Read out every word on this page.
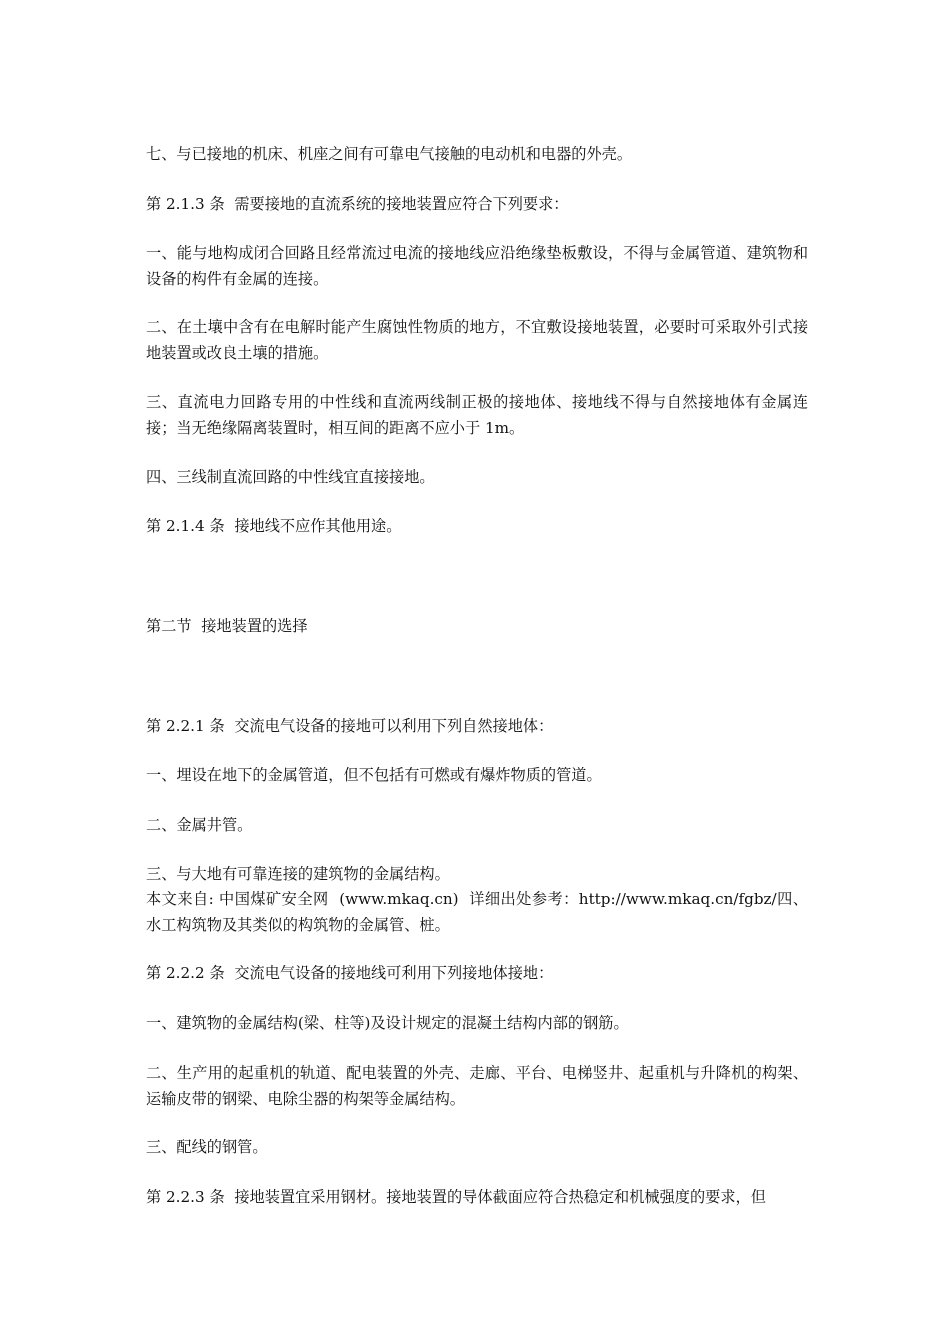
七、与已接地的机床、机座之间有可靠电气接触的电动机和电器的外壳。

第 2.1.3 条  需要接地的直流系统的接地装置应符合下列要求：

一、能与地构成闭合回路且经常流过电流的接地线应沿绝缘垫板敷设，不得与金属管道、建筑物和设备的构件有金属的连接。

二、在土壤中含有在电解时能产生腐蚀性物质的地方，不宜敷设接地装置，必要时可采取外引式接地装置或改良土壤的措施。

三、直流电力回路专用的中性线和直流两线制正极的接地体、接地线不得与自然接地体有金属连接；当无绝缘隔离装置时，相互间的距离不应小于 1m。

四、三线制直流回路的中性线宜直接接地。

第 2.1.4 条  接地线不应作其他用途。

第二节  接地装置的选择

第 2.2.1 条  交流电气设备的接地可以利用下列自然接地体：

一、埋设在地下的金属管道，但不包括有可燃或有爆炸物质的管道。

二、金属井管。

三、与大地有可靠连接的建筑物的金属结构。

本文来自: 中国煤矿安全网  (www.mkaq.cn)  详细出处参考：http://www.mkaq.cn/fgbz/四、水工构筑物及其类似的构筑物的金属管、桩。

第 2.2.2 条  交流电气设备的接地线可利用下列接地体接地：

一、建筑物的金属结构(梁、柱等)及设计规定的混凝土结构内部的钢筋。

二、生产用的起重机的轨道、配电装置的外壳、走廊、平台、电梯竖井、起重机与升降机的构架、运输皮带的钢梁、电除尘器的构架等金属结构。

三、配线的钢管。

第 2.2.3 条  接地装置宜采用钢材。接地装置的导体截面应符合热稳定和机械强度的要求，但
